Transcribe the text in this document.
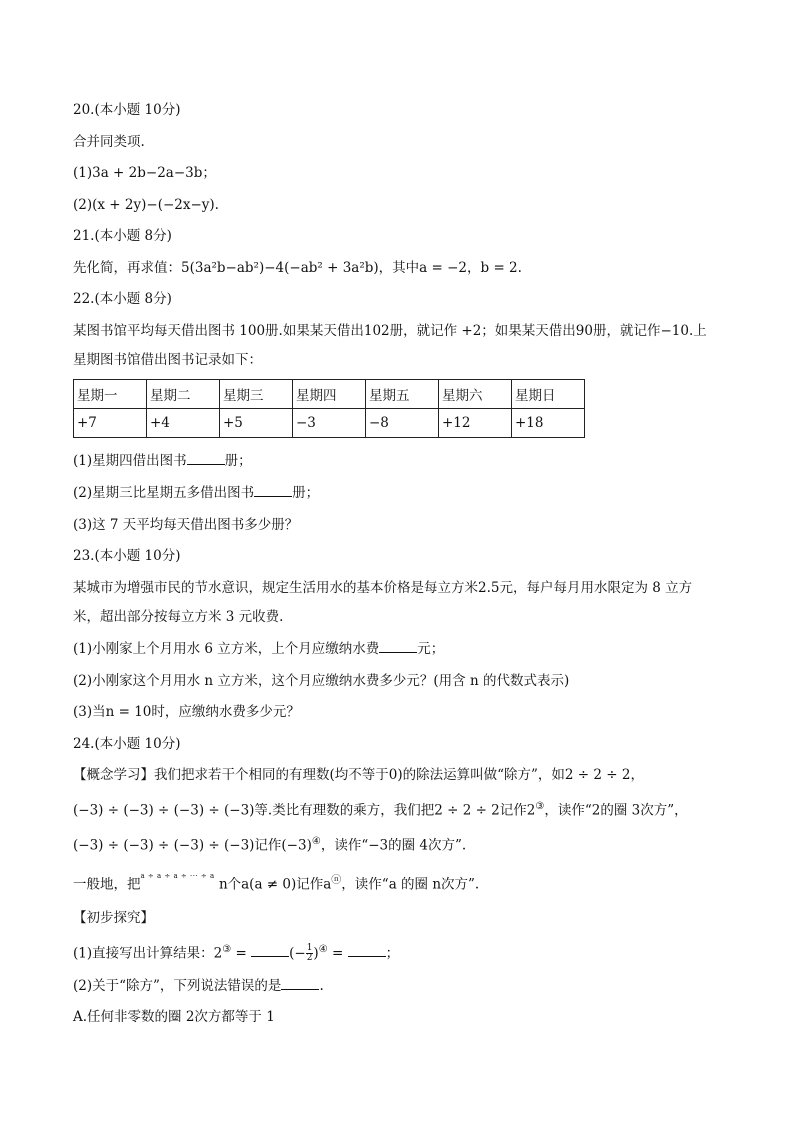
20.(本小题 10分)
合并同类项.
(1)3a + 2b−2a−3b；
(2)(x + 2y)−(−2x−y).
21.(本小题 8分)
先化简，再求值：5(3a²b−ab²)−4(−ab² + 3a²b)，其中a = −2，b = 2.
22.(本小题 8分)
某图书馆平均每天借出图书 100册.如果某天借出102册，就记作 +2；如果某天借出90册，就记作−10.上
星期图书馆借出图书记录如下：
星期一	星期二	星期三	星期四	星期五	星期六	星期日
+7	+4	+5	−3	−8	+12	+18
(1)星期四借出图书	册；
(2)星期三比星期五多借出图书	册；
(3)这 7 天平均每天借出图书多少册？
23.(本小题 10分)
某城市为增强市民的节水意识，规定生活用水的基本价格是每立方米2.5元，每户每月用水限定为 8 立方
米，超出部分按每立方米 3 元收费.
(1)小刚家上个月用水 6 立方米，上个月应缴纳水费	元；
(2)小刚家这个月用水 n 立方米，这个月应缴纳水费多少元？(用含 n 的代数式表示)
(3)当n = 10时，应缴纳水费多少元？
24.(本小题 10分)
【概念学习】我们把求若干个相同的有理数(均不等于0)的除法运算叫做“除方”，如2 ÷ 2 ÷ 2，
(−3) ÷ (−3) ÷ (−3) ÷ (−3)等.类比有理数的乘方，我们把2 ÷ 2 ÷ 2记作2③，读作“2的圈 3次方”，
(−3) ÷ (−3) ÷ (−3) ÷ (−3)记作(−3)④，读作“−3的圈 4次方”.
一般地，把$^{a \div a \div a \div \cdot\cdot\cdot \div a}$ n个a(a ≠ 0)记作aⓝ，读作“a 的圈 n次方”.
【初步探究】
(1)直接写出计算结果：2③ =	(− $\frac{1}{2} )^④$ =	；
(2)关于“除方”，下列说法错误的是	.
A.任何非零数的圈 2次方都等于 1
